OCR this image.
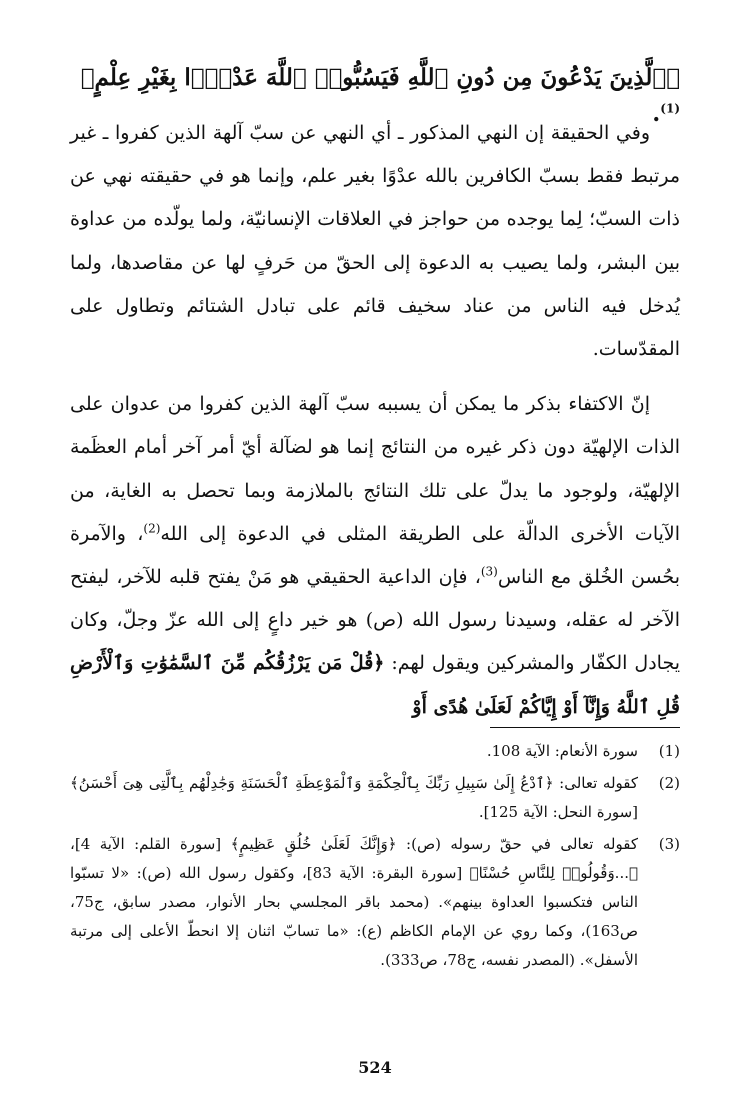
﴿ٱلَّذِينَ يَدْعُونَ مِن دُونِ ٱللَّهِ فَيَسُبُّوا۟ ٱللَّهَ عَدْوًۢا بِغَيْرِ عِلْمٍ﴾$^{(1)}$.

وفي الحقيقة إن النهي المذكور ـ أي النهي عن سبّ آلهة الذين كفروا ـ غير مرتبط فقط بسبّ الكافرين بالله عدْوًا بغير علم، وإنما هو في حقيقته نهي عن ذات السبّ؛ لِما يوجده من حواجز في العلاقات الإنسانيّة، ولما يولّده من عداوة بين البشر، ولما يصيب به الدعوة إلى الحقّ من حَرفٍ لها عن مقاصدها، ولما يُدخل فيه الناس من عناد سخيف قائم على تبادل الشتائم وتطاول على المقدّسات.

إنّ الاكتفاء بذكر ما يمكن أن يسببه سبّ آلهة الذين كفروا من عدوان على الذات الإلهيّة دون ذكر غيره من النتائج إنما هو لضآلة أيّ أمر آخر أمام العظَمة الإلهيّة، ولوجود ما يدلّ على تلك النتائج بالملازمة وبما تحصل به الغاية، من الآيات الأخرى الدالّة على الطريقة المثلى في الدعوة إلى الله$^{(2)}$، والآمرة بحُسن الخُلق مع الناس$^{(3)}$، فإن الداعية الحقيقي هو مَنْ يفتح قلبه للآخر، ليفتح الآخر له عقله، وسيدنا رسول الله (ص) هو خير داعٍ إلى الله عزّ وجلّ، وكان يجادل الكفّار والمشركين ويقول لهم: ﴿قُلْ مَن يَرْزُقُكُم مِّنَ ٱلسَّمَٰوَٰتِ وَٱلْأَرْضِ قُلِ ٱللَّهُ وَإِنَّآ أَوْ إِيَّاكُمْ لَعَلَىٰ هُدًى أَوْ

(1)
سورة الأنعام: الآية 108.
(2)
كقوله تعالى: ﴿ٱدْعُ إِلَىٰ سَبِيلِ رَبِّكَ بِٱلْحِكْمَةِ وَٱلْمَوْعِظَةِ ٱلْحَسَنَةِ وَجَٰدِلْهُم بِٱلَّتِى هِىَ أَحْسَنُ﴾ [سورة النحل: الآية 125].
(3)
كقوله تعالى في حقّ رسوله (ص): ﴿وَإِنَّكَ لَعَلَىٰ خُلُقٍ عَظِيمٍ﴾ [سورة القلم: الآية 4]، ﴿...وَقُولُوا۟ لِلنَّاسِ حُسْنًا﴾ [سورة البقرة: الآية 83]، وكقول رسول الله (ص): «لا تسبّوا الناس فتكسبوا العداوة بينهم». (محمد باقر المجلسي بحار الأنوار، مصدر سابق، ج75، ص163)، وكما روي عن الإمام الكاظم (ع): «ما تسابّ اثنان إلا انحطّ الأعلى إلى مرتبة الأسفل». (المصدر نفسه، ج78، ص333).
524
